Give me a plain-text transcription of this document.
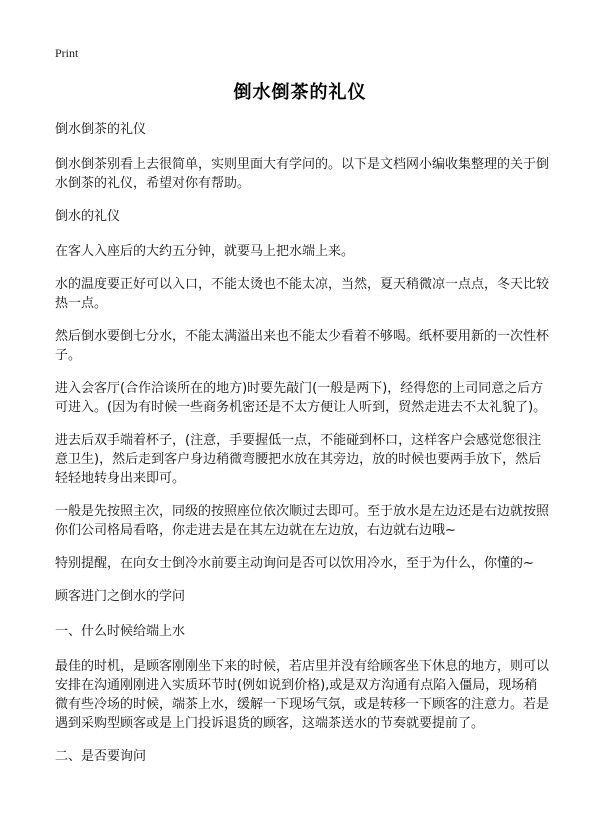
Print
倒水倒茶的礼仪

倒水倒茶的礼仪

倒水倒茶别看上去很简单，实则里面大有学问的。以下是文档网小编收集整理的关于倒水倒茶的礼仪，希望对你有帮助。

倒水的礼仪

在客人入座后的大约五分钟，就要马上把水端上来。

水的温度要正好可以入口，不能太烫也不能太凉，当然，夏天稍微凉一点点，冬天比较热一点。

然后倒水要倒七分水，不能太满溢出来也不能太少看着不够喝。纸杯要用新的一次性杯子。

进入会客厅(合作洽谈所在的地方)时要先敲门(一般是两下)，经得您的上司同意之后方可进入。(因为有时候一些商务机密还是不太方便让人听到，贸然走进去不太礼貌了)。

进去后双手端着杯子，(注意，手要握低一点，不能碰到杯口，这样客户会感觉您很注意卫生)，然后走到客户身边稍微弯腰把水放在其旁边，放的时候也要两手放下，然后轻轻地转身出来即可。

一般是先按照主次，同级的按照座位依次顺过去即可。至于放水是左边还是右边就按照你们公司格局看咯，你走进去是在其左边就在左边放，右边就右边哦~

特别提醒，在向女士倒冷水前要主动询问是否可以饮用冷水，至于为什么，你懂的~

顾客进门之倒水的学问

一、什么时候给端上水

最佳的时机，是顾客刚刚坐下来的时候，若店里并没有给顾客坐下休息的地方，则可以安排在沟通刚刚进入实质环节时(例如说到价格),或是双方沟通有点陷入僵局，现场稍微有些冷场的时候，端茶上水，缓解一下现场气氛，或是转移一下顾客的注意力。若是遇到采购型顾客或是上门投诉退货的顾客，这端茶送水的节奏就要提前了。

二、是否要询问
